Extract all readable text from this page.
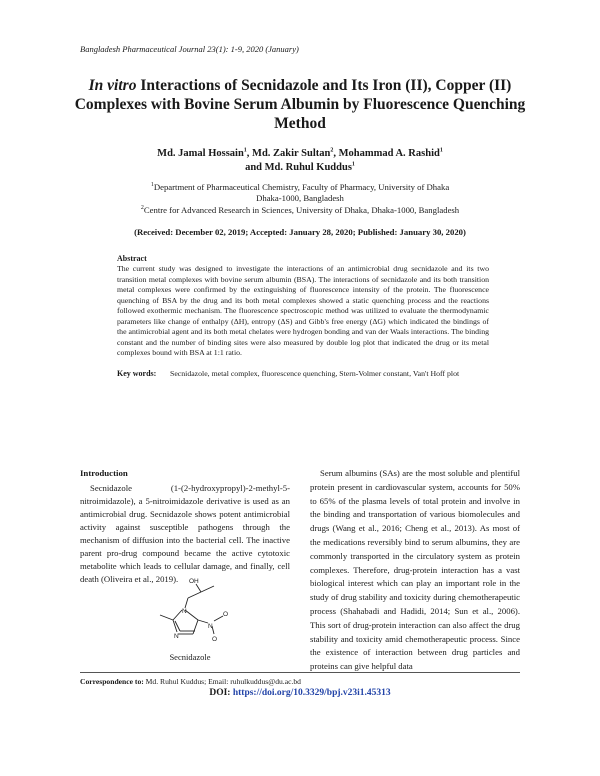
Bangladesh Pharmaceutical Journal 23(1): 1-9, 2020 (January)
In vitro Interactions of Secnidazole and Its Iron (II), Copper (II) Complexes with Bovine Serum Albumin by Fluorescence Quenching Method
Md. Jamal Hossain$^1$, Md. Zakir Sultan$^2$, Mohammad A. Rashid$^1$
and Md. Ruhul Kuddus$^1$
$^1$Department of Pharmaceutical Chemistry, Faculty of Pharmacy, University of Dhaka
Dhaka-1000, Bangladesh
$^2$Centre for Advanced Research in Sciences, University of Dhaka, Dhaka-1000, Bangladesh
(Received: December 02, 2019; Accepted: January 28, 2020; Published: January 30, 2020)
Abstract
The current study was designed to investigate the interactions of an antimicrobial drug secnidazole and its two transition metal complexes with bovine serum albumin (BSA). The interactions of secnidazole and its both transition metal complexes were confirmed by the extinguishing of fluorescence intensity of the protein. The fluorescence quenching of BSA by the drug and its both metal complexes showed a static quenching process and the reactions followed exothermic mechanism. The fluorescence spectroscopic method was utilized to evaluate the thermodynamic parameters like change of enthalpy (ΔH), entropy (ΔS) and Gibb's free energy (ΔG) which indicated the bindings of the antimicrobial agent and its both metal chelates were hydrogen bonding and van der Waals interactions. The binding constant and the number of binding sites were also measured by double log plot that indicated the drug or its metal complexes bound with BSA at 1:1 ratio.
Key words: Secnidazole, metal complex, fluorescence quenching, Stern-Volmer constant, Van't Hoff plot
Introduction
Secnidazole (1-(2-hydroxypropyl)-2-methyl-5-nitroimidazole), a 5-nitroimidazole derivative is used as an antimicrobial drug. Secnidazole shows potent antimicrobial activity against susceptible pathogens through the mechanism of diffusion into the bacterial cell. The inactive parent pro-drug compound became the active cytotoxic metabolite which leads to cellular damage, and finally, cell death (Oliveira et al., 2019).
Serum albumins (SAs) are the most soluble and plentiful protein present in cardiovascular system, accounts for 50% to 65% of the plasma levels of total protein and involve in the binding and transportation of various biomolecules and drugs (Wang et al., 2016; Cheng et al., 2013). As most of the medications reversibly bind to serum albumins, they are commonly transported in the circulatory system as protein complexes. Therefore, drug-protein interaction has a vast biological interest which can play an important role in the study of drug stability and toxicity during chemotherapeutic process (Shahabadi and Hadidi, 2014; Sun et al., 2006). This sort of drug-protein interaction can also affect the drug stability and toxicity amid chemotherapeutic process. Since the existence of interaction between drug particles and proteins can give helpful data
OH
N
N
N
O
O
Secnidazole
Correspondence to: Md. Ruhul Kuddus; Email: ruhulkuddus@du.ac.bd
DOI: https://doi.org/10.3329/bpj.v23i1.45313
